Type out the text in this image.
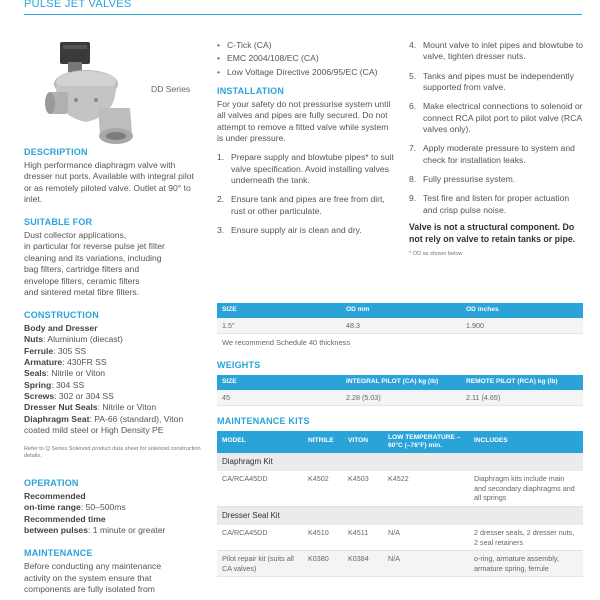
PULSE JET VALVES
DD Series
DESCRIPTION

High performance diaphragm valve with dresser nut ports. Available with integral pilot or as remotely piloted valve. Outlet at 90° to inlet.

SUITABLE FOR
Dust collector applications,
in particular for reverse pulse jet filter
cleaning and its variations, including
bag filters, cartridge filters and
envelope filters, ceramic filters
and sintered metal fibre filters.
CONSTRUCTION
Body and Dresser
Nuts: Aluminium (diecast)
Ferrule: 305 SS
Armature: 430FR SS
Seals: Nitrile or Viton
Spring: 304 SS
Screws: 302 or 304 SS
Dresser Nut Seals: Nitrile or Viton
Diaphragm Seat: PA-66 (standard), Viton
coated mild steel or High Density PE

Refer to Q Series Solenoid product data sheet for solenoid construction details.

OPERATION
Recommended
on-time range: 50–500ms
Recommended time
between pulses: 1 minute or greater
MAINTENANCE
Before conducting any maintenance
activity on the system ensure that
components are fully isolated from
• C-Tick (CA)
• EMC 2004/108/EC (CA)
• Low Voltage Directive 2006/95/EC (CA)
INSTALLATION

For your safety do not pressurise system until all valves and pipes are fully secured. Do not attempt to remove a fitted valve while system is under pressure.

1. Prepare supply and blowtube pipes* to suit valve specification. Avoid installing valves underneath the tank.
2. Ensure tank and pipes are free from dirt, rust or other particulate.
3. Ensure supply air is clean and dry.
4. Mount valve to inlet pipes and blowtube to valve, tighten dresser nuts.
5. Tanks and pipes must be independently supported from valve.
6. Make electrical connections to solenoid or connect RCA pilot port to pilot valve (RCA valves only).
7. Apply moderate pressure to system and check for installation leaks.
8. Fully pressurise system.
9. Test fire and listen for proper actuation and crisp pulse noise.

Valve is not a structural component. Do not rely on valve to retain tanks or pipe.

* OD as shown below

SIZE	OD mm	OD inches
1.5"	48.3	1.900
We recommend Schedule 40 thickness
WEIGHTS
SIZE	INTEGRAL PILOT (CA) kg (lb)	REMOTE PILOT (RCA) kg (lb)
45	2.28 (5.03)	2.11 (4.65)
MAINTENANCE KITS
MODEL	NITRILE	VITON	LOW TEMPERATURE –60°C (–76°F) min.	INCLUDES
Diaphragm Kit				
CA/RCA45DD	K4502	K4503	K4522	Diaphragm kits include main and secondary diaphragms and all springs
Dresser Seal Kit				
CA/RCA45DD	K4510	K4511	N/A	2 dresser seals, 2 dresser nuts, 2 seal retainers
Pilot repair kit (suits all CA valves)	K0380	K0384	N/A	o-ring, armature assembly, armature spring, ferrule
